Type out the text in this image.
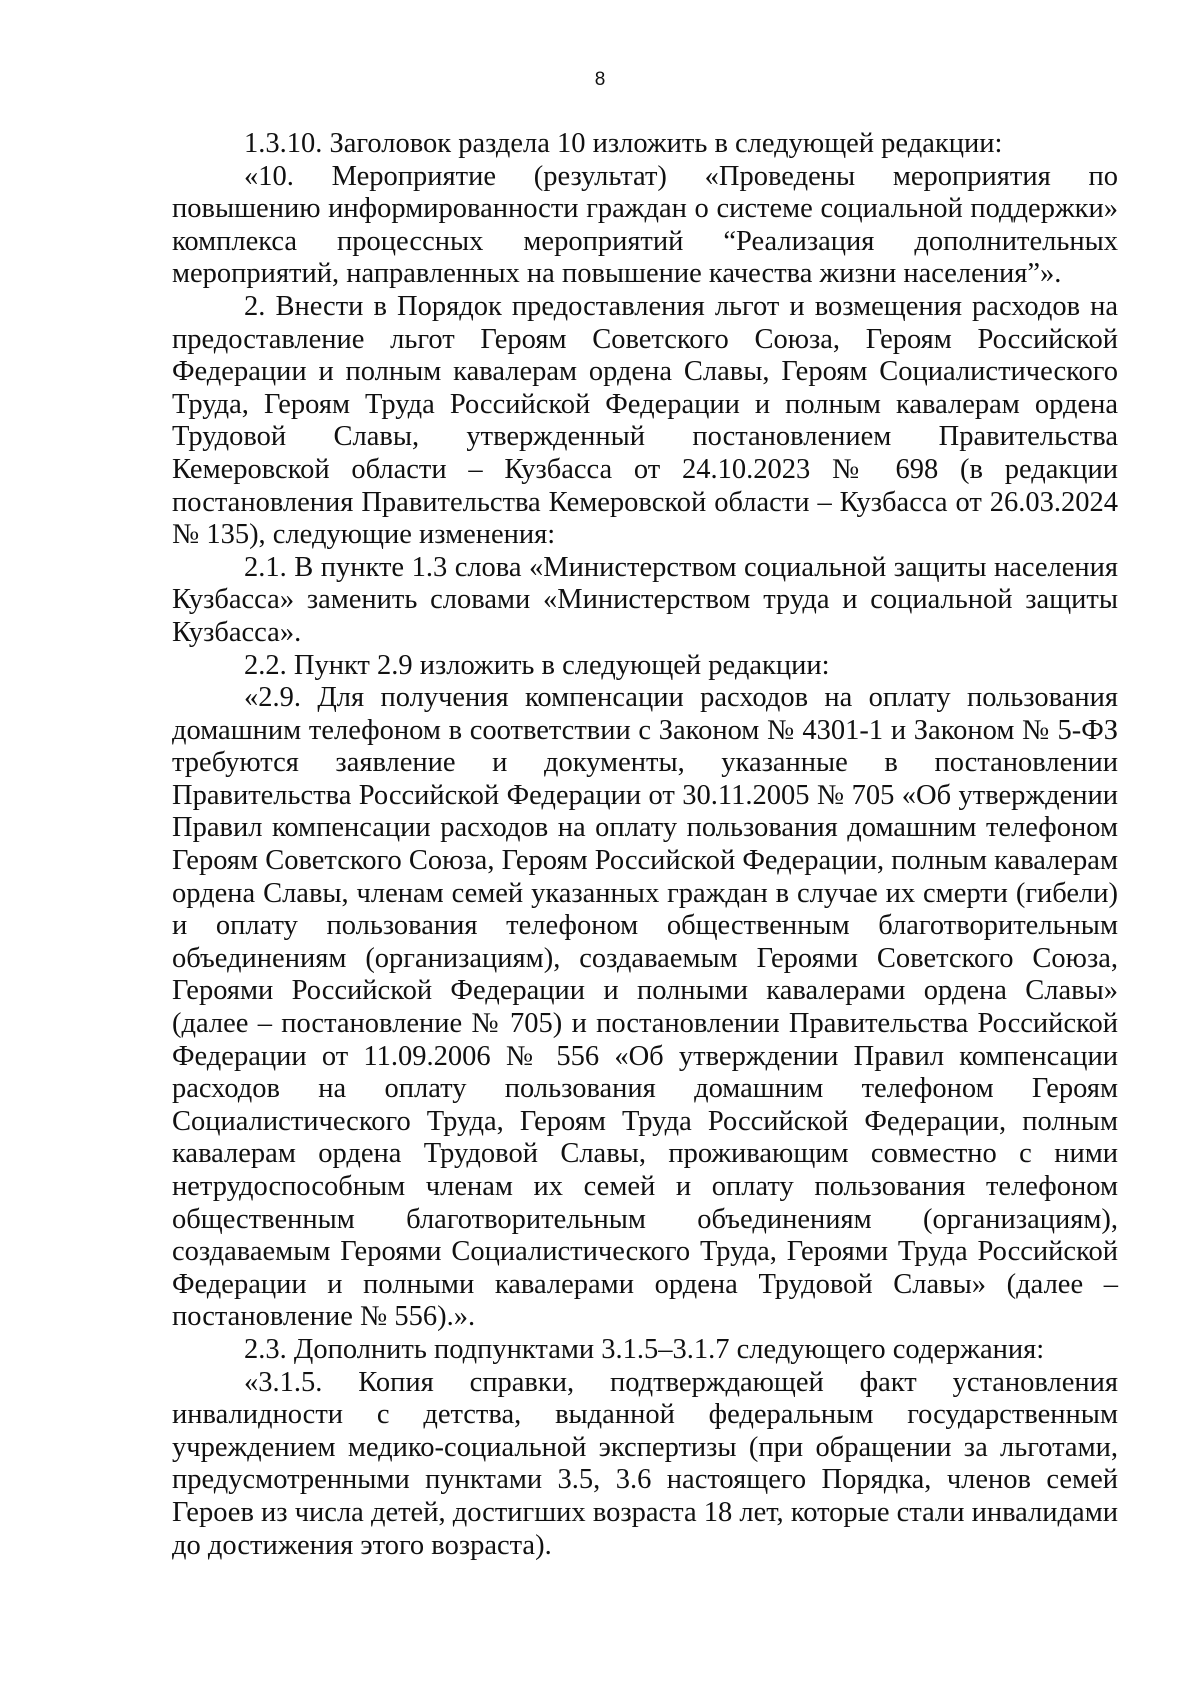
8

1.3.10. Заголовок раздела 10 изложить в следующей редакции:

«10. Мероприятие (результат) «Проведены мероприятия по повышению информированности граждан о системе социальной поддержки» комплекса процессных мероприятий “Реализация дополнительных мероприятий, направленных на повышение качества жизни населения”».

2. Внести в Порядок предоставления льгот и возмещения расходов на предоставление льгот Героям Советского Союза, Героям Российской Федерации и полным кавалерам ордена Славы, Героям Социалистического Труда, Героям Труда Российской Федерации и полным кавалерам ордена Трудовой Славы, утвержденный постановлением Правительства Кемеровской области – Кузбасса от 24.10.2023 № 698 (в редакции постановления Правительства Кемеровской области – Кузбасса от 26.03.2024 № 135), следующие изменения:

2.1. В пункте 1.3 слова «Министерством социальной защиты населения Кузбасса» заменить словами «Министерством труда и социальной защиты Кузбасса».

2.2. Пункт 2.9 изложить в следующей редакции:

«2.9. Для получения компенсации расходов на оплату пользования домашним телефоном в соответствии с Законом № 4301-1 и Законом № 5-ФЗ требуются заявление и документы, указанные в постановлении Правительства Российской Федерации от 30.11.2005 № 705 «Об утверждении Правил компенсации расходов на оплату пользования домашним телефоном Героям Советского Союза, Героям Российской Федерации, полным кавалерам ордена Славы, членам семей указанных граждан в случае их смерти (гибели) и оплату пользования телефоном общественным благотворительным объединениям (организациям), создаваемым Героями Советского Союза, Героями Российской Федерации и полными кавалерами ордена Славы» (далее – постановление № 705) и постановлении Правительства Российской Федерации от 11.09.2006 № 556 «Об утверждении Правил компенсации расходов на оплату пользования домашним телефоном Героям Социалистического Труда, Героям Труда Российской Федерации, полным кавалерам ордена Трудовой Славы, проживающим совместно с ними нетрудоспособным членам их семей и оплату пользования телефоном общественным благотворительным объединениям (организациям), создаваемым Героями Социалистического Труда, Героями Труда Российской Федерации и полными кавалерами ордена Трудовой Славы» (далее – постановление № 556).».

2.3. Дополнить подпунктами 3.1.5–3.1.7 следующего содержания:

«3.1.5. Копия справки, подтверждающей факт установления инвалидности с детства, выданной федеральным государственным учреждением медико-социальной экспертизы (при обращении за льготами, предусмотренными пунктами 3.5, 3.6 настоящего Порядка, членов семей Героев из числа детей, достигших возраста 18 лет, которые стали инвалидами до достижения этого возраста).
